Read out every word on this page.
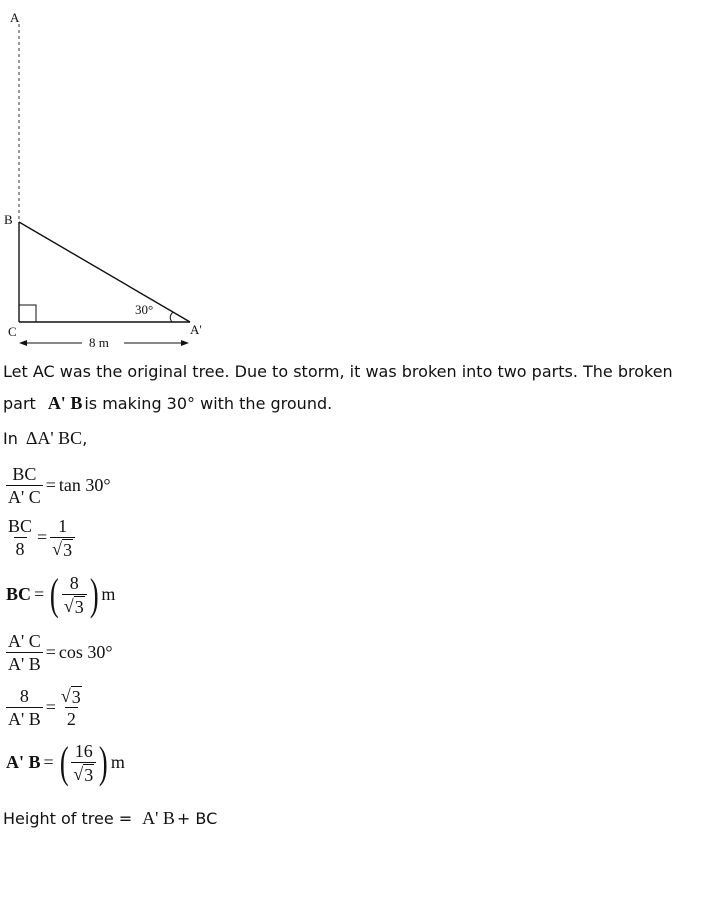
A
B
C	A'
30°
8 m
Let AC was the original tree. Due to storm, it was broken into two parts. The broken
part A' B is making 30° with the ground.
In ΔA' BC ,
$\frac{BC}{A' C} = \tan 30^\circ$
$\frac{BC}{8} = \frac{1}{√ 3}$
BC = ( $\frac{8}{√ 3}$ ) m
$\frac{A' C}{A' B} = \cos 30^\circ$
$\frac{8}{A' B} = \frac{√ 3}{2}$
A' B = ( $\frac{16}{√ 3}$ ) m
Height of tree = A' B + BC
